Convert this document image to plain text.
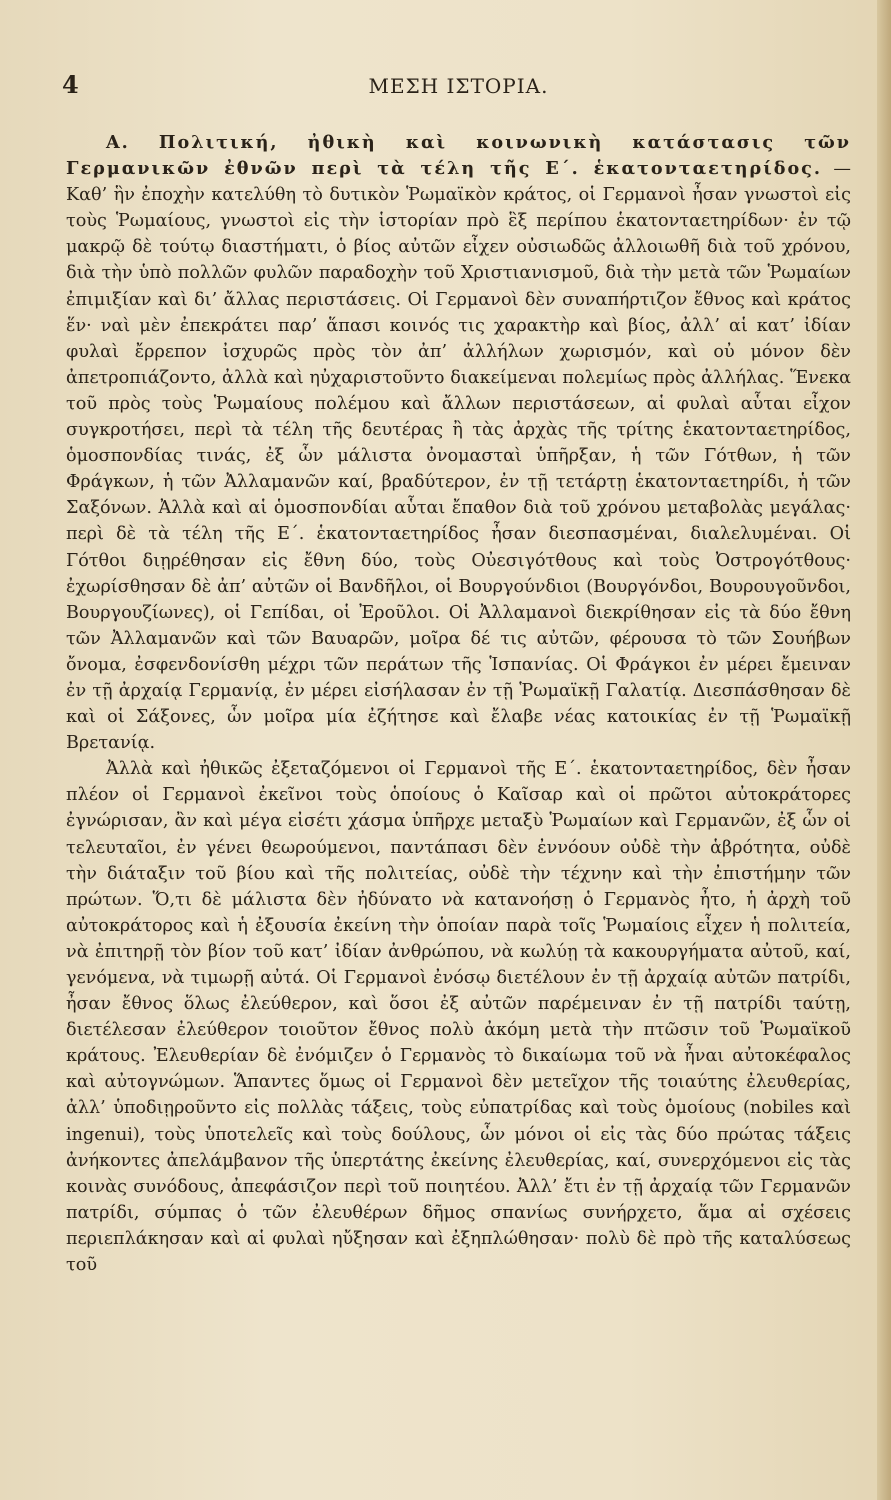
4	ΜΕΣΗ ΙΣΤΟΡΙΑ.

Α. Πολιτική, ἠθικὴ καὶ κοινωνικὴ κατάστασις τῶν Γερμανικῶν ἐθνῶν περὶ τὰ τέλη τῆς Ε΄. ἑκατονταετηρίδος. — Καθ’ ἣν ἐποχὴν κατελύθη τὸ δυτικὸν Ῥωμαϊκὸν κράτος, οἱ Γερμανοὶ ἦσαν γνωστοὶ εἰς τοὺς Ῥωμαίους, γνωστοὶ εἰς τὴν ἱστορίαν πρὸ ἓξ περίπου ἑκατονταετηρίδων· ἐν τῷ μακρῷ δὲ τούτῳ διαστήματι, ὁ βίος αὐτῶν εἶχεν οὐσιωδῶς ἀλλοιωθῆ διὰ τοῦ χρόνου, διὰ τὴν ὑπὸ πολλῶν φυλῶν παραδοχὴν τοῦ Χριστιανισμοῦ, διὰ τὴν μετὰ τῶν Ῥωμαίων ἐπιμιξίαν καὶ δι’ ἄλλας περιστάσεις. Οἱ Γερμανοὶ δὲν συναπήρτιζον ἔθνος καὶ κράτος ἕν· ναὶ μὲν ἐπεκράτει παρ’ ἅπασι κοινός τις χαρακτὴρ καὶ βίος, ἀλλ’ αἱ κατ’ ἰδίαν φυλαὶ ἔρρεπον ἰσχυρῶς πρὸς τὸν ἀπ’ ἀλλήλων χωρισμόν, καὶ οὐ μόνον δὲν ἀπετροπιάζοντο, ἀλλὰ καὶ ηὐχαριστοῦντο διακείμεναι πολεμίως πρὸς ἀλλήλας. Ἕνεκα τοῦ πρὸς τοὺς Ῥωμαίους πολέμου καὶ ἄλλων περιστάσεων, αἱ φυλαὶ αὗται εἶχον συγκροτήσει, περὶ τὰ τέλη τῆς δευτέρας ἢ τὰς ἀρχὰς τῆς τρίτης ἑκατονταετηρίδος, ὁμοσπονδίας τινάς, ἐξ ὧν μάλιστα ὀνομασταὶ ὑπῆρξαν, ἡ τῶν Γότθων, ἡ τῶν Φράγκων, ἡ τῶν Ἀλλαμανῶν καί, βραδύτερον, ἐν τῇ τετάρτῃ ἑκατονταετηρίδι, ἡ τῶν Σαξόνων. Ἀλλὰ καὶ αἱ ὁμοσπονδίαι αὗται ἔπαθον διὰ τοῦ χρόνου μεταβολὰς μεγάλας· περὶ δὲ τὰ τέλη τῆς Ε΄. ἑκατονταετηρίδος ἦσαν διεσπασμέναι, διαλελυμέναι. Οἱ Γότθοι διῃρέθησαν εἰς ἔθνη δύο, τοὺς Οὐεσιγότθους καὶ τοὺς Ὀστρογότθους· ἐχωρίσθησαν δὲ ἀπ’ αὐτῶν οἱ Βανδῆλοι, οἱ Βουργούνδιοι (Βουργόνδοι, Βουρουγοῦνδοι, Βουργουζίωνες), οἱ Γεπίδαι, οἱ Ἐροῦλοι. Οἱ Ἀλλαμανοὶ διεκρίθησαν εἰς τὰ δύο ἔθνη τῶν Ἀλλαμανῶν καὶ τῶν Βαυαρῶν, μοῖρα δέ τις αὐτῶν, φέρουσα τὸ τῶν Σουήβων ὄνομα, ἐσφενδονίσθη μέχρι τῶν περάτων τῆς Ἱσπανίας. Οἱ Φράγκοι ἐν μέρει ἔμειναν ἐν τῇ ἀρχαίᾳ Γερμανίᾳ, ἐν μέρει εἰσήλασαν ἐν τῇ Ῥωμαϊκῇ Γαλατίᾳ. Διεσπάσθησαν δὲ καὶ οἱ Σάξονες, ὧν μοῖρα μία ἐζήτησε καὶ ἔλαβε νέας κατοικίας ἐν τῇ Ῥωμαϊκῇ Βρετανίᾳ.

Ἀλλὰ καὶ ἠθικῶς ἐξεταζόμενοι οἱ Γερμανοὶ τῆς Ε΄. ἑκατονταετηρίδος, δὲν ἦσαν πλέον οἱ Γερμανοὶ ἐκεῖνοι τοὺς ὁποίους ὁ Καῖσαρ καὶ οἱ πρῶτοι αὐτοκράτορες ἐγνώρισαν, ἂν καὶ μέγα εἰσέτι χάσμα ὑπῆρχε μεταξὺ Ῥωμαίων καὶ Γερμανῶν, ἐξ ὧν οἱ τελευταῖοι, ἐν γένει θεωρούμενοι, παντάπασι δὲν ἐννόουν οὐδὲ τὴν ἁβρότητα, οὐδὲ τὴν διάταξιν τοῦ βίου καὶ τῆς πολιτείας, οὐδὲ τὴν τέχνην καὶ τὴν ἐπιστήμην τῶν πρώτων. Ὅ,τι δὲ μάλιστα δὲν ἠδύνατο νὰ κατανοήσῃ ὁ Γερμανὸς ἦτο, ἡ ἀρχὴ τοῦ αὐτοκράτορος καὶ ἡ ἐξουσία ἐκείνη τὴν ὁποίαν παρὰ τοῖς Ῥωμαίοις εἶχεν ἡ πολιτεία, νὰ ἐπιτηρῇ τὸν βίον τοῦ κατ’ ἰδίαν ἀνθρώπου, νὰ κωλύῃ τὰ κακουργήματα αὐτοῦ, καί, γενόμενα, νὰ τιμωρῇ αὐτά. Οἱ Γερμανοὶ ἐνόσῳ διετέλουν ἐν τῇ ἀρχαίᾳ αὐτῶν πατρίδι, ἦσαν ἔθνος ὅλως ἐλεύθερον, καὶ ὅσοι ἐξ αὐτῶν παρέμειναν ἐν τῇ πατρίδι ταύτῃ, διετέλεσαν ἐλεύθερον τοιοῦτον ἔθνος πολὺ ἀκόμη μετὰ τὴν πτῶσιν τοῦ Ῥωμαϊκοῦ κράτους. Ἐλευθερίαν δὲ ἐνόμιζεν ὁ Γερμανὸς τὸ δικαίωμα τοῦ νὰ ἦναι αὐτοκέφαλος καὶ αὐτογνώμων. Ἅπαντες ὅμως οἱ Γερμανοὶ δὲν μετεῖχον τῆς τοιαύτης ἐλευθερίας, ἀλλ’ ὑποδιῃροῦντο εἰς πολλὰς τάξεις, τοὺς εὐπατρίδας καὶ τοὺς ὁμοίους (nobiles καὶ ingenui), τοὺς ὑποτελεῖς καὶ τοὺς δούλους, ὧν μόνοι οἱ εἰς τὰς δύο πρώτας τάξεις ἀνήκοντες ἀπελάμβανον τῆς ὑπερτάτης ἐκείνης ἐλευθερίας, καί, συνερχόμενοι εἰς τὰς κοινὰς συνόδους, ἀπεφάσιζον περὶ τοῦ ποιητέου. Ἀλλ’ ἔτι ἐν τῇ ἀρχαίᾳ τῶν Γερμανῶν πατρίδι, σύμπας ὁ τῶν ἐλευθέρων δῆμος σπανίως συνήρχετο, ἅμα αἱ σχέσεις περιεπλάκησαν καὶ αἱ φυλαὶ ηὔξησαν καὶ ἐξηπλώθησαν· πολὺ δὲ πρὸ τῆς καταλύσεως τοῦ
